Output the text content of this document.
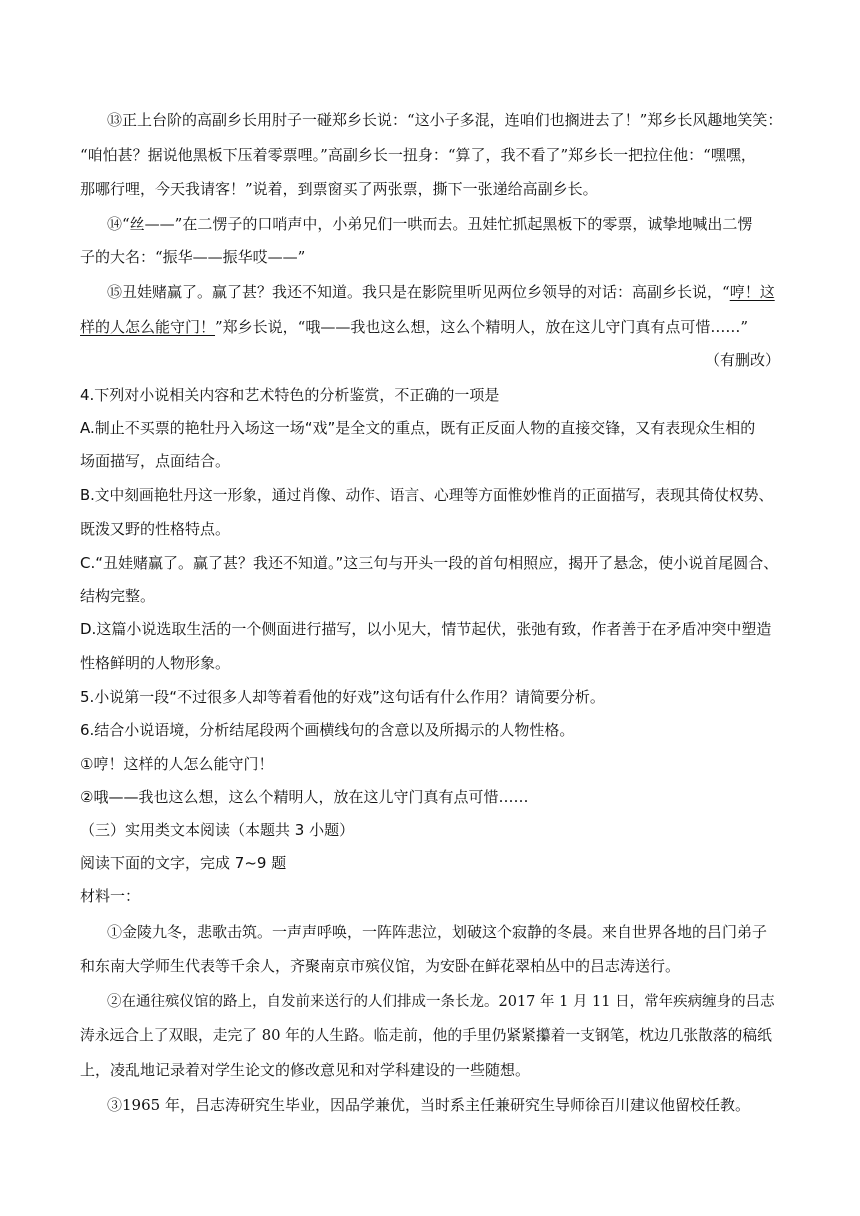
⑬正上台阶的高副乡长用肘子一碰郑乡长说：“这小子多混，连咱们也搁进去了！”郑乡长风趣地笑笑：
“咱怕甚？据说他黑板下压着零票哩。”高副乡长一扭身：“算了，我不看了”郑乡长一把拉住他：“嘿嘿，
那哪行哩，今天我请客！”说着，到票窗买了两张票，撕下一张递给高副乡长。
⑭“丝——”在二愣子的口哨声中，小弟兄们一哄而去。丑娃忙抓起黑板下的零票，诚挚地喊出二愣
子的大名：“振华——振华哎——”
⑮丑娃赌赢了。赢了甚？我还不知道。我只是在影院里听见两位乡领导的对话：高副乡长说，“哼！这
样的人怎么能守门！”郑乡长说，“哦——我也这么想，这么个精明人，放在这儿守门真有点可惜……”
（有删改）
4.下列对小说相关内容和艺术特色的分析鉴赏，不正确的一项是
A.制止不买票的艳牡丹入场这一场“戏”是全文的重点，既有正反面人物的直接交锋，又有表现众生相的
场面描写，点面结合。
B.文中刻画艳牡丹这一形象，通过肖像、动作、语言、心理等方面惟妙惟肖的正面描写，表现其倚仗权势、
既泼又野的性格特点。
C.“丑娃赌赢了。赢了甚？我还不知道。”这三句与开头一段的首句相照应，揭开了悬念，使小说首尾圆合、
结构完整。
D.这篇小说选取生活的一个侧面进行描写，以小见大，情节起伏，张弛有致，作者善于在矛盾冲突中塑造
性格鲜明的人物形象。
5.小说第一段“不过很多人却等着看他的好戏”这句话有什么作用？请简要分析。
6.结合小说语境，分析结尾段两个画横线句的含意以及所揭示的人物性格。
①哼！这样的人怎么能守门！
②哦——我也这么想，这么个精明人，放在这儿守门真有点可惜……
（三）实用类文本阅读（本题共 3 小题）
阅读下面的文字，完成 7~9 题
材料一：
①金陵九冬，悲歌击筑。一声声呼唤，一阵阵悲泣，划破这个寂静的冬晨。来自世界各地的吕门弟子
和东南大学师生代表等千余人，齐聚南京市殡仪馆，为安卧在鲜花翠柏丛中的吕志涛送行。
②在通往殡仪馆的路上，自发前来送行的人们排成一条长龙。2017 年 1 月 11 日，常年疾病缠身的吕志
涛永远合上了双眼，走完了 80 年的人生路。临走前，他的手里仍紧紧攥着一支钢笔，枕边几张散落的稿纸
上，凌乱地记录着对学生论文的修改意见和对学科建设的一些随想。
③1965 年，吕志涛研究生毕业，因品学兼优，当时系主任兼研究生导师徐百川建议他留校任教。
